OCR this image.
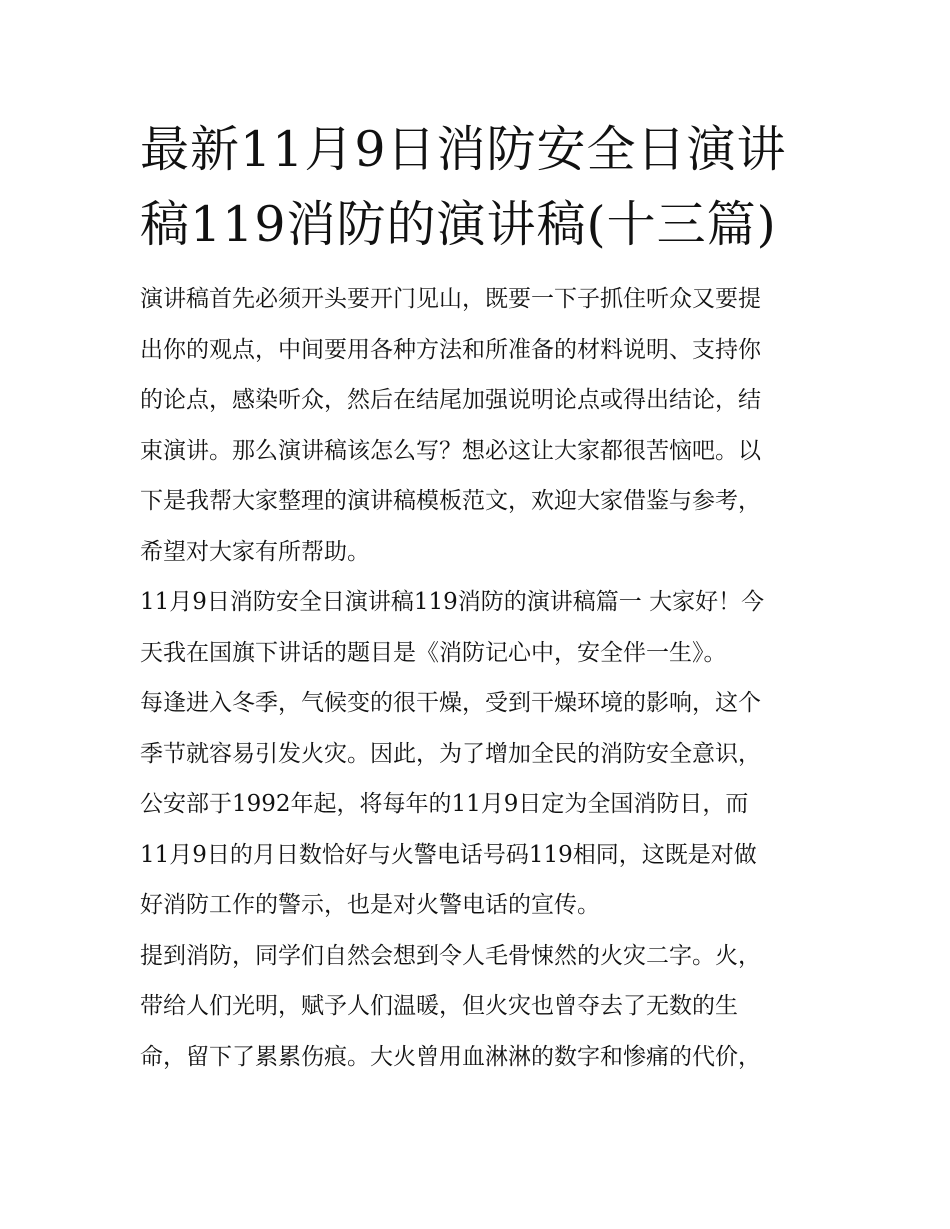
最新11月9日消防安全日演讲
稿119消防的演讲稿(十三篇)

演讲稿首先必须开头要开门见山，既要一下子抓住听众又要提
出你的观点，中间要用各种方法和所准备的材料说明、支持你
的论点，感染听众，然后在结尾加强说明论点或得出结论，结
束演讲。那么演讲稿该怎么写？想必这让大家都很苦恼吧。以
下是我帮大家整理的演讲稿模板范文，欢迎大家借鉴与参考，
希望对大家有所帮助。

11月9日消防安全日演讲稿119消防的演讲稿篇一 大家好！今
天我在国旗下讲话的题目是《消防记心中，安全伴一生》。

每逢进入冬季，气候变的很干燥，受到干燥环境的影响，这个
季节就容易引发火灾。因此，为了增加全民的消防安全意识，
公安部于1992年起，将每年的11月9日定为全国消防日，而
11月9日的月日数恰好与火警电话号码119相同，这既是对做
好消防工作的警示，也是对火警电话的宣传。

提到消防，同学们自然会想到令人毛骨悚然的火灾二字。火，
带给人们光明，赋予人们温暖，但火灾也曾夺去了无数的生
命，留下了累累伤痕。大火曾用血淋淋的数字和惨痛的代价，
